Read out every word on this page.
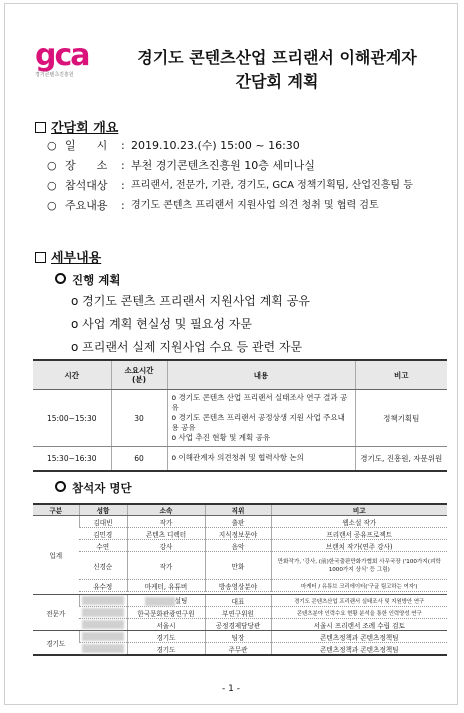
gca
경기콘텐츠진흥원
경기도 콘텐츠산업 프리랜서 이해관계자
간담회 계획
간담회 개요
○ 일      시	: 2019.10.23.(수) 15:00 ~ 16:30
○ 장      소	: 부천 경기콘텐츠진흥원 10층 세미나실
○ 참석대상	: 프리랜서, 전문가, 기관, 경기도, GCA 정책기획팀, 산업진흥팀 등
○ 주요내용	: 경기도 콘텐츠 프리랜서 지원사업 의견 청취 및 협력 검토
세부내용
진행 계획
o 경기도 콘텐츠 프리랜서 지원사업 계획 공유
o 사업 계획 현실성 및 필요성 자문
o 프리랜서 실제 지원사업 수요 등 관련 자문
시간	소요시간
(분)	내용	비고
15:00~15:30	30	o 경기도 콘텐츠 산업 프리랜서 실태조사 연구 결과 공유
o 경기도 콘텐츠 프리랜서 공정상생 지원 사업 주요내용 공유
o 사업 추진 현황 및 계획 공유	정책기획팀
15:30~16:30	60	o 이해관계자 의견청취 및 협력사항 논의	경기도, 진흥원, 자문위원
참석자 명단
구분	성함	소속	직위	비고
업계	김대빈	작가	출판	웹소설 작가
	김민경	콘텐츠 디렉터	지식정보문야	프리랜서 공유프로젝트
	수연	강사	음악	브랜치 작가(연주 강사)
	신경순	작가	만화	만화작가, '강사, (前)한국출판만화가협회 사무국장 ('100가지(괴학 1000가지 상식' 등 그림)
	유수정	마케터, 유튜버	방송영상분야	마케터 / 유튜브 크리에이터('구글 팀고하는 여자')

전문가		설팅	대표	경기도 콘텐츠산업 프리랜서 실태조사 및 지원방안 연구
		한국문화관광연구원	부연구위원	콘텐츠분야 인력수요 현황 분석을 통한 인력양성 연구
		서울시	공정경제담당관	서울시 프리랜서 조례 수립 검토
경기도		경기도	팀장	콘텐츠정책과 콘텐츠정책팀
		경기도	주무관	콘텐츠정책과 콘텐츠정책팀
- 1 -
